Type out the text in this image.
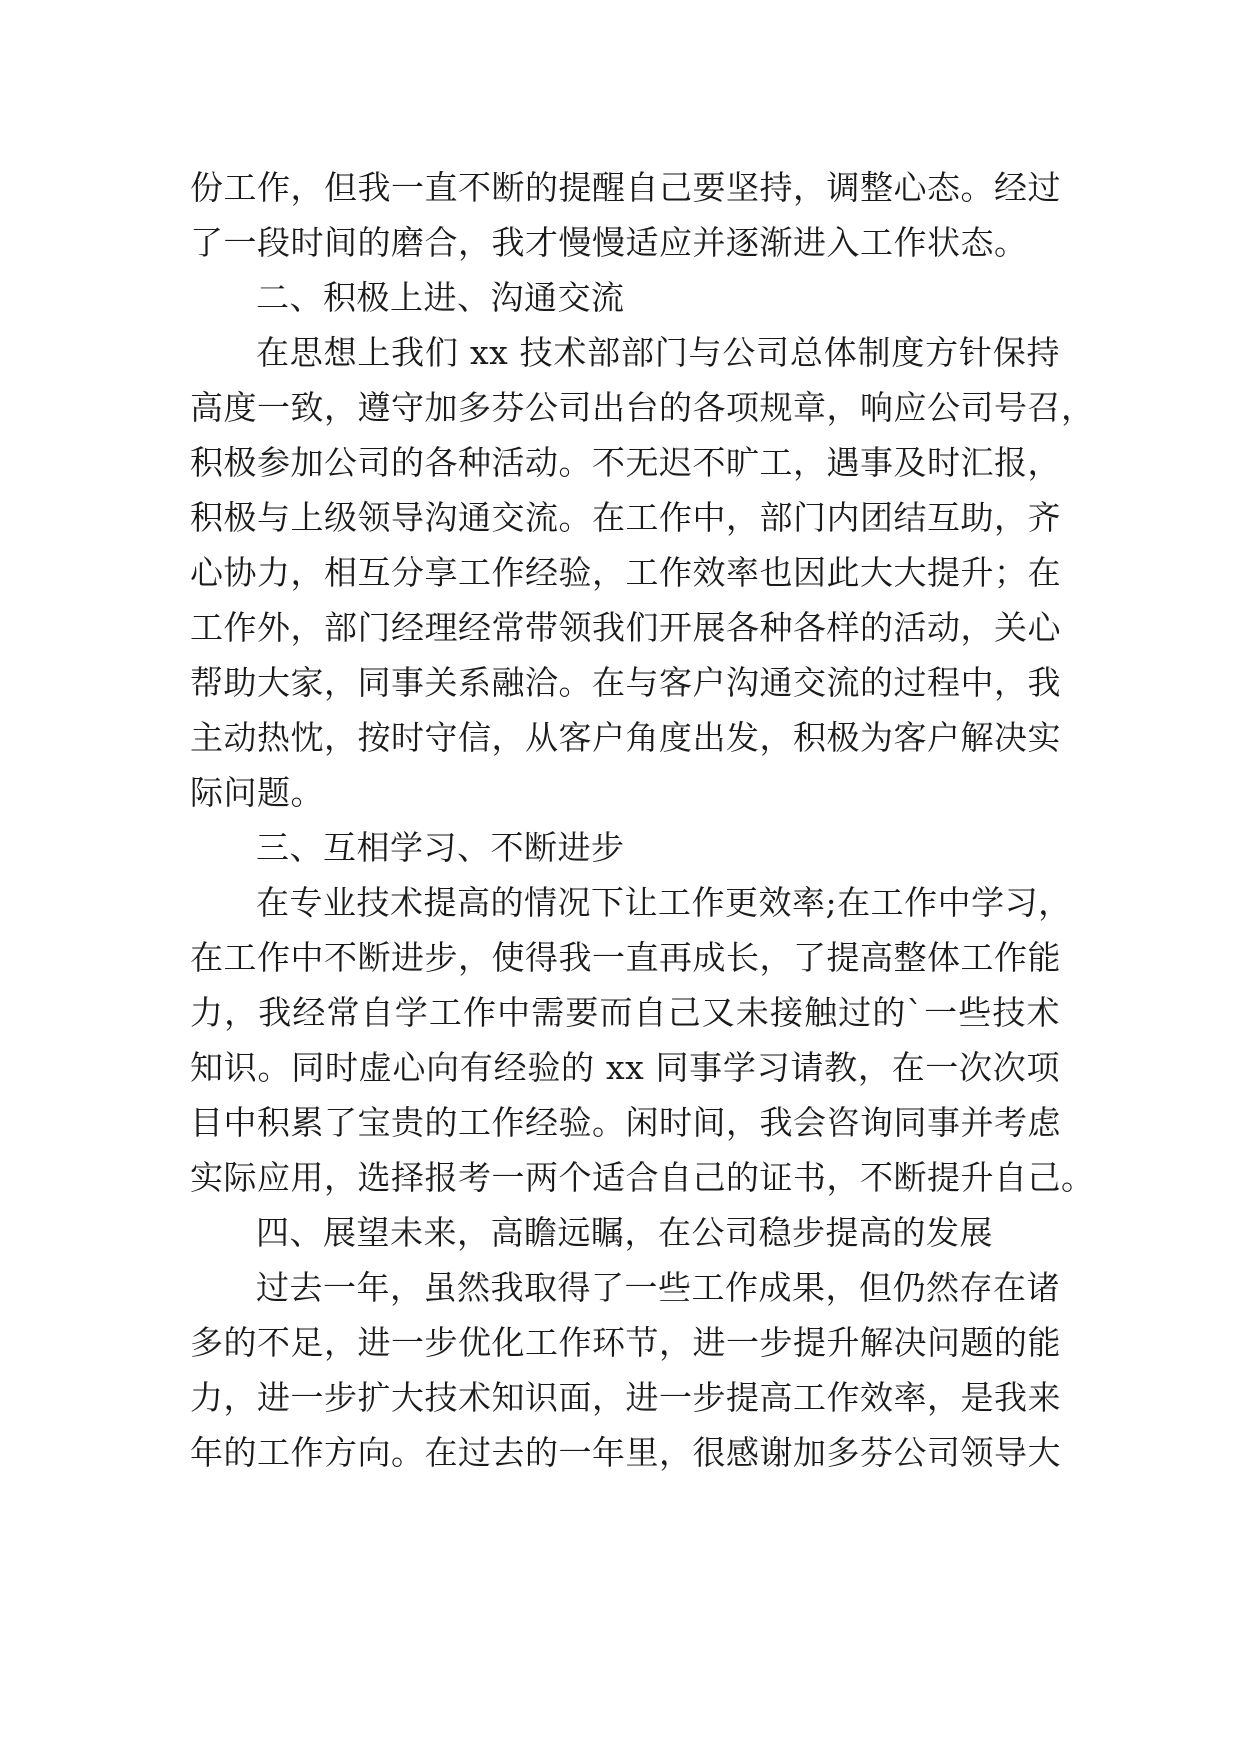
份工作，但我一直不断的提醒自己要坚持，调整心态。经过
了一段时间的磨合，我才慢慢适应并逐渐进入工作状态。
二、积极上进、沟通交流
在思想上我们 xx 技术部部门与公司总体制度方针保持
高度一致，遵守加多芬公司出台的各项规章，响应公司号召，
积极参加公司的各种活动。不无迟不旷工，遇事及时汇报，
积极与上级领导沟通交流。在工作中，部门内团结互助，齐
心协力，相互分享工作经验，工作效率也因此大大提升；在
工作外，部门经理经常带领我们开展各种各样的活动，关心
帮助大家，同事关系融洽。在与客户沟通交流的过程中，我
主动热忱，按时守信，从客户角度出发，积极为客户解决实
际问题。
三、互相学习、不断进步
在专业技术提高的情况下让工作更效率;在工作中学习，
在工作中不断进步，使得我一直再成长，了提高整体工作能
力，我经常自学工作中需要而自己又未接触过的`一些技术
知识。同时虚心向有经验的 xx 同事学习请教，在一次次项
目中积累了宝贵的工作经验。闲时间，我会咨询同事并考虑
实际应用，选择报考一两个适合自己的证书，不断提升自己。
四、展望未来，高瞻远瞩，在公司稳步提高的发展
过去一年，虽然我取得了一些工作成果，但仍然存在诸
多的不足，进一步优化工作环节，进一步提升解决问题的能
力，进一步扩大技术知识面，进一步提高工作效率，是我来
年的工作方向。在过去的一年里，很感谢加多芬公司领导大
